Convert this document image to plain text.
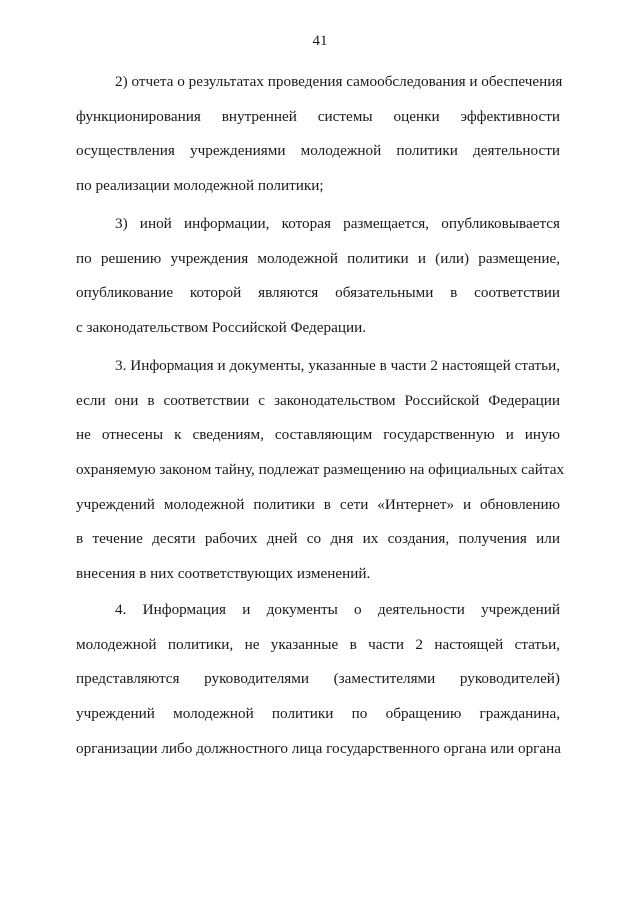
41
2) отчета о результатах проведения самообследования и обеспечения
функционирования внутренней системы оценки эффективности
осуществления учреждениями молодежной политики деятельности
по реализации молодежной политики;
3) иной информации, которая размещается, опубликовывается
по решению учреждения молодежной политики и (или) размещение,
опубликование которой являются обязательными в соответствии
с законодательством Российской Федерации.
3. Информация и документы, указанные в части 2 настоящей статьи,
если они в соответствии с законодательством Российской Федерации
не отнесены к сведениям, составляющим государственную и иную
охраняемую законом тайну, подлежат размещению на официальных сайтах
учреждений молодежной политики в сети «Интернет» и обновлению
в течение десяти рабочих дней со дня их создания, получения или
внесения в них соответствующих изменений.
4. Информация и документы о деятельности учреждений
молодежной политики, не указанные в части 2 настоящей статьи,
представляются руководителями (заместителями руководителей)
учреждений молодежной политики по обращению гражданина,
организации либо должностного лица государственного органа или органа
